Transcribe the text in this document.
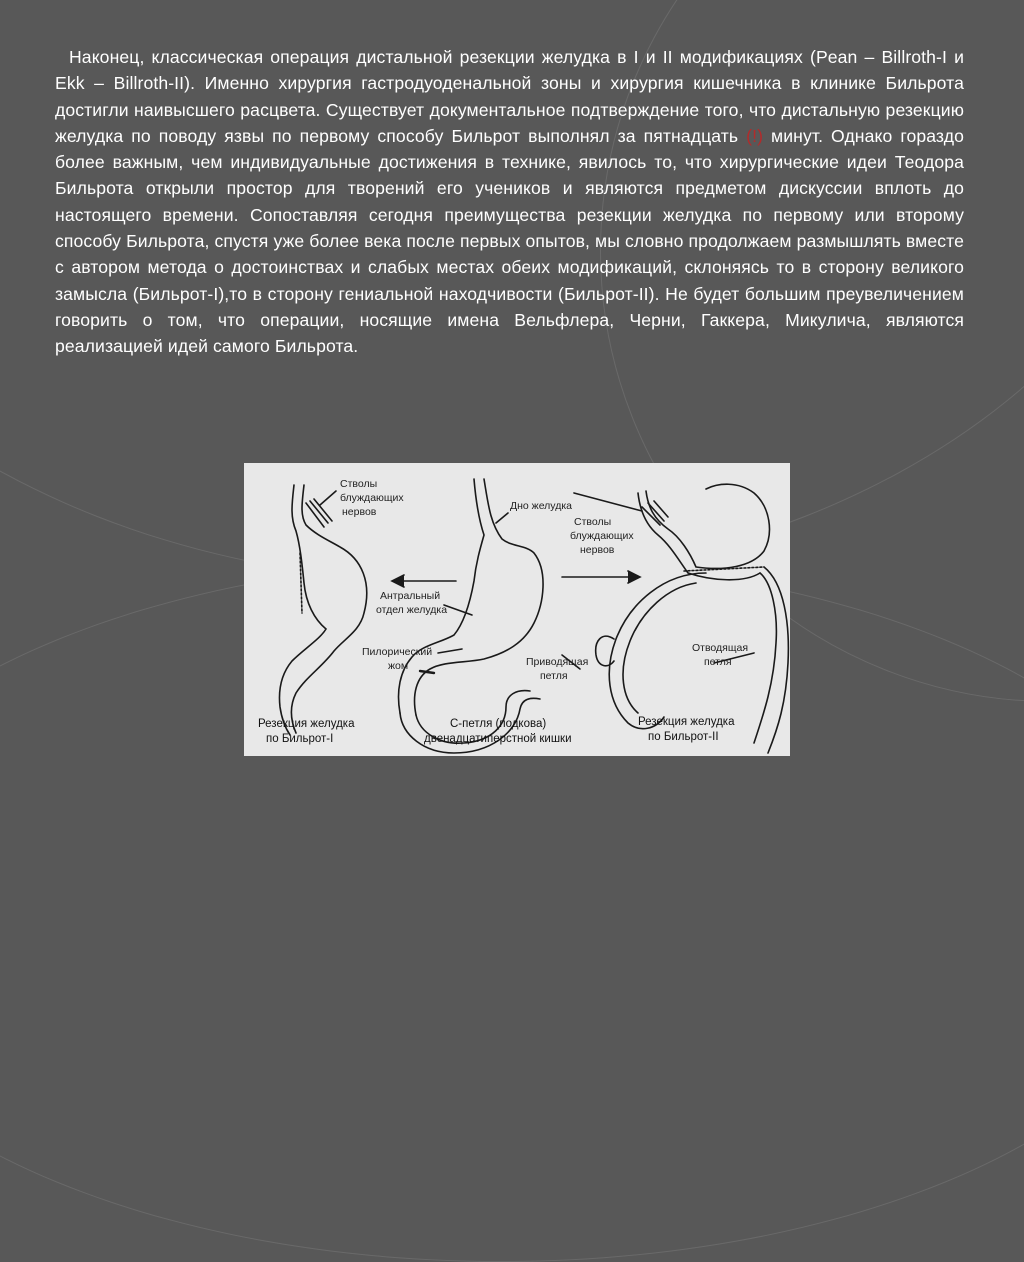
Наконец, классическая операция дистальной резекции желудка в I и II модификациях (Pean – Billroth-I и Ekk – Billroth-II). Именно хирургия гастродуоденальной зоны и хирургия кишечника в клинике Бильрота достигли наивысшего расцвета. Существует документальное подтверждение того, что дистальную резекцию желудка по поводу язвы по первому способу Бильрот выполнял за пятнадцать (!) минут. Однако гораздо более важным, чем индивидуальные достижения в технике, явилось то, что хирургические идеи Теодора Бильрота открыли простор для творений его учеников и являются предметом дискуссии вплоть до настоящего времени. Сопоставляя сегодня преимущества резекции желудка по первому или второму способу Бильрота, спустя уже более века после первых опытов, мы словно продолжаем размышлять вместе с автором метода о достоинствах и слабых местах обеих модификаций, склоняясь то в сторону великого замысла (Бильрот-I),то в сторону гениальной находчивости (Бильрот-II). Не будет большим преувеличением говорить о том, что операции, носящие имена Вельфлера, Черни, Гаккера, Микулича, являются реализацией идей самого Бильрота.
Стволы
блуждающих
нервов	Дно желудка
Стволы
блуждающих
нервов
Антральный
отдел желудка
Пилорический
жом	Приводящая
петля
Отводящая
петля
Резекция желудка
по Бильрот-I
С-петля (подкова)
двенадцатиперстной кишки
Резекция желудка
по Бильрот-II
